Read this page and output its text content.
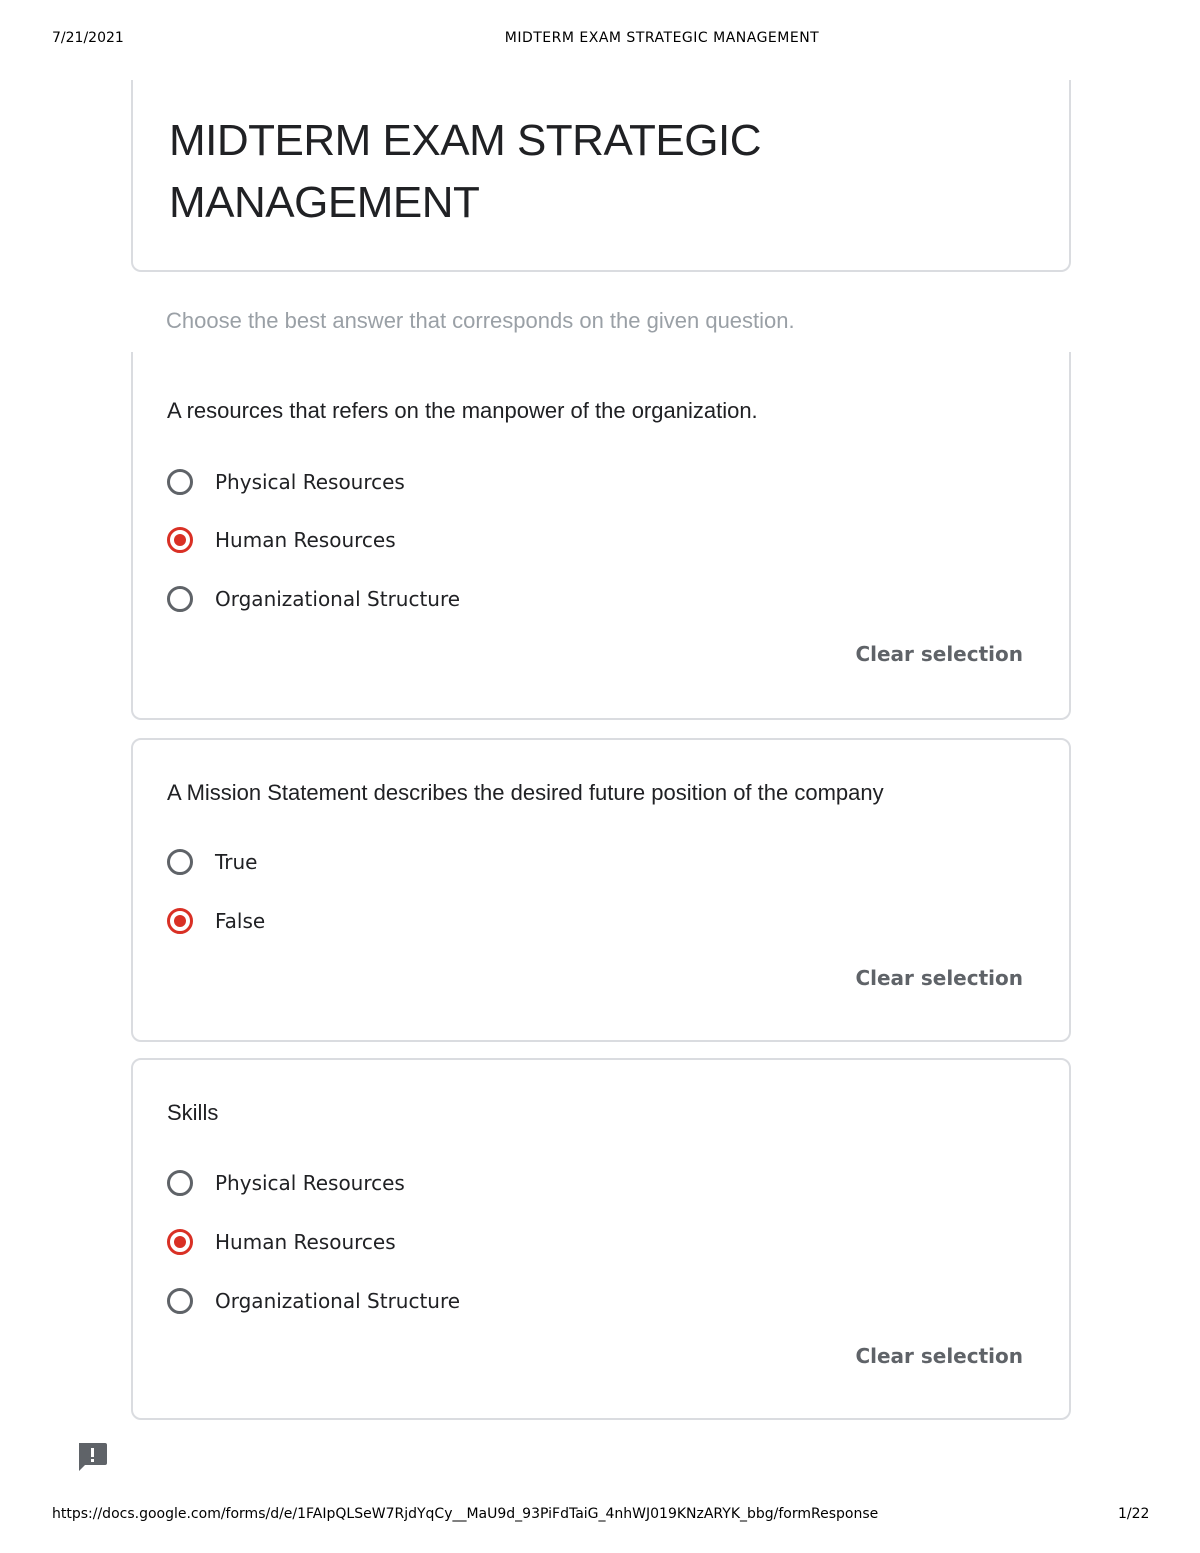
7/21/2021	MIDTERM EXAM STRATEGIC MANAGEMENT
MIDTERM EXAM STRATEGIC
MANAGEMENT
Choose the best answer that corresponds on the given question.
A resources that refers on the manpower of the organization.
Physical Resources
Human Resources
Organizational Structure
Clear selection
A Mission Statement describes the desired future position of the company
True
False
Clear selection
Skills
Physical Resources
Human Resources
Organizational Structure
Clear selection
https://docs.google.com/forms/d/e/1FAIpQLSeW7RjdYqCy__MaU9d_93PiFdTaiG_4nhWJ019KNzARYK_bbg/formResponse	1/22
